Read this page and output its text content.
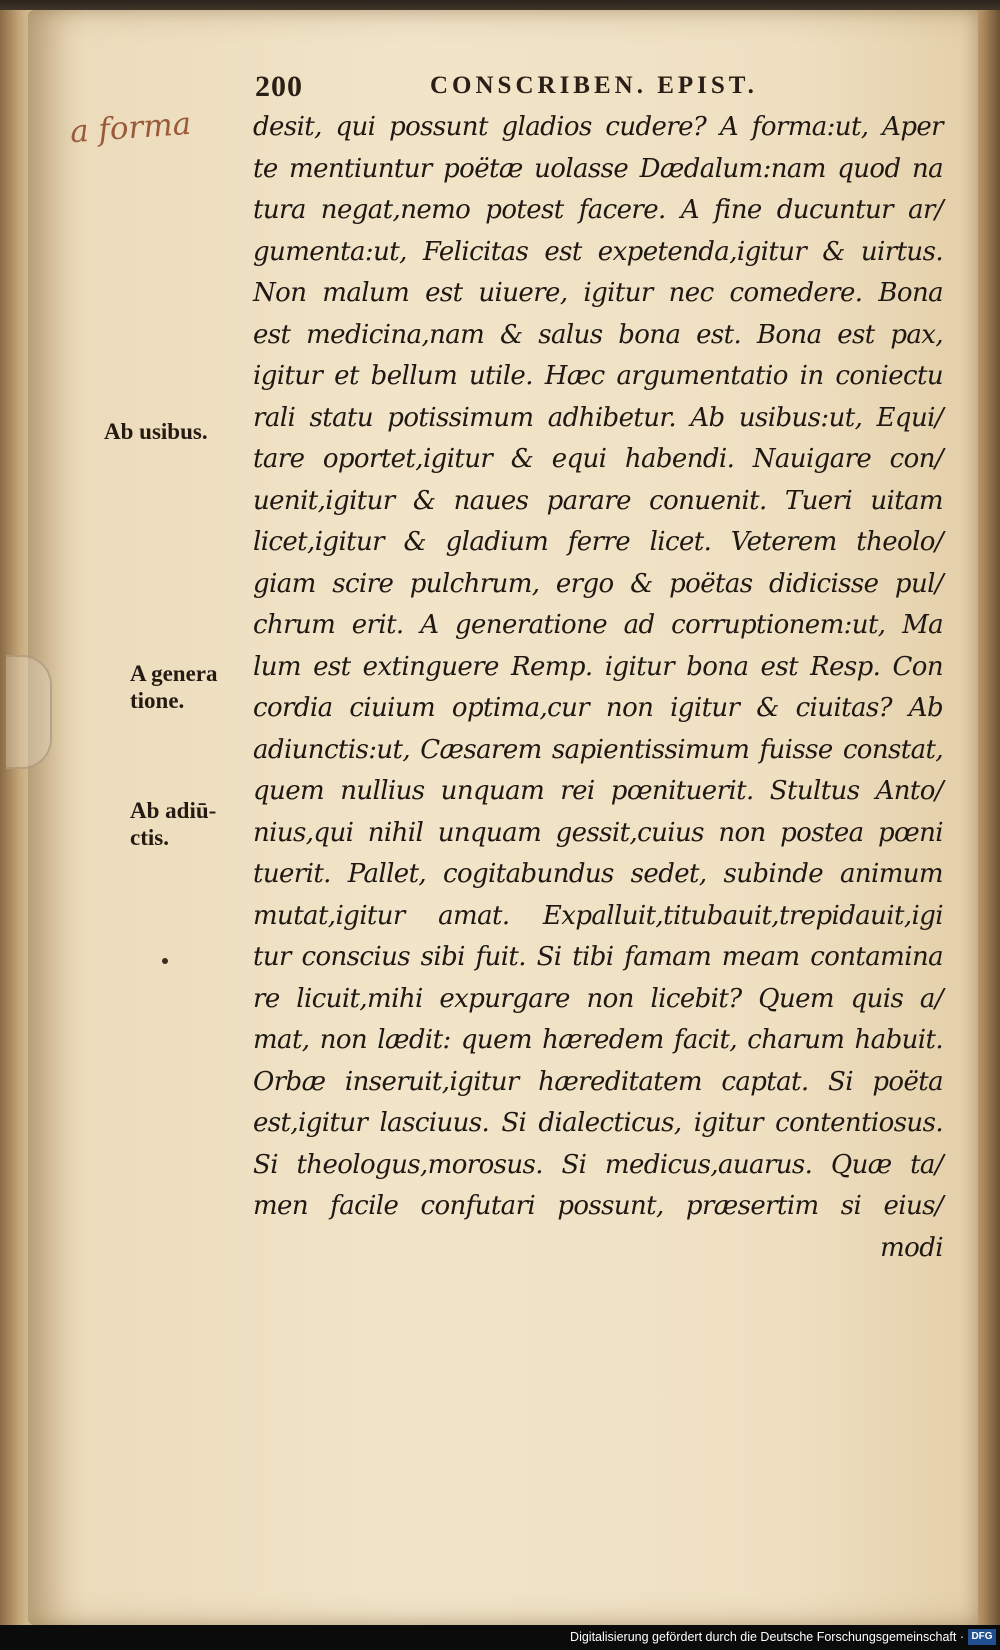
200	CONSCRIBEN. EPIST.
a forma
Ab usibus.
A genera
tione.
Ab adiū-
ctis.
desit, qui possunt gladios cudere? A forma:ut, Aper
te mentiuntur poëtæ uolasse Dædalum:nam quod na
tura negat,nemo potest facere. A fine ducuntur ar/
gumenta:ut, Felicitas est expetenda,igitur & uirtus.
Non malum est uiuere, igitur nec comedere. Bona
est medicina,nam & salus bona est. Bona est pax,
igitur et bellum utile. Hæc argumentatio in coniectu
rali statu potissimum adhibetur. Ab usibus:ut, Equi/
tare oportet,igitur & equi habendi. Nauigare con/
uenit,igitur & naues parare conuenit. Tueri uitam
licet,igitur & gladium ferre licet. Veterem theolo/
giam scire pulchrum, ergo & poëtas didicisse pul/
chrum erit. A generatione ad corruptionem:ut, Ma
lum est extinguere Remp. igitur bona est Resp. Con
cordia ciuium optima,cur non igitur & ciuitas? Ab
adiunctis:ut, Cæsarem sapientissimum fuisse constat,
quem nullius unquam rei pœnituerit. Stultus Anto/
nius,qui nihil unquam gessit,cuius non postea pœni
tuerit. Pallet, cogitabundus sedet, subinde animum
mutat,igitur amat. Expalluit,titubauit,trepidauit,igi
tur conscius sibi fuit. Si tibi famam meam contamina
re licuit,mihi expurgare non licebit? Quem quis a/
mat, non lædit: quem hæredem facit, charum habuit.
Orbæ inseruit,igitur hæreditatem captat. Si poëta
est,igitur lasciuus. Si dialecticus, igitur contentiosus.
Si theologus,morosus. Si medicus,auarus. Quæ ta/
men facile confutari possunt, præsertim si eius/
modi
Digitalisierung gefördert durch die Deutsche Forschungsgemeinschaft · DFG
